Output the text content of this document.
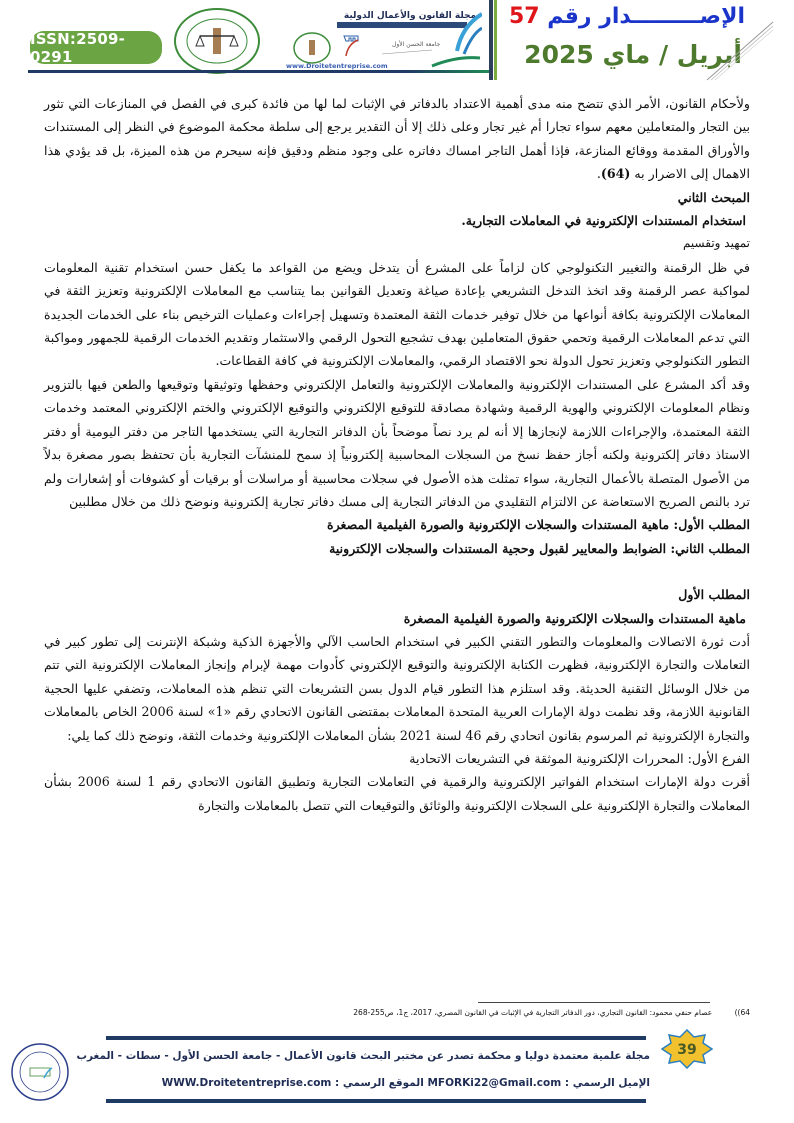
ISSN:2509-0291
مجلة القانون والأعمال الدولية
جامعة الحسن الأول
www.Droitetentreprise.com
الإصـــــــــدار رقم 57
أبريل / ماي 2025

ولأحكام القانون، الأمر الذي تتضح منه مدى أهمية الاعتداد بالدفاتر في الإثبات لما لها من فائدة كبرى في الفصل في المنازعات التي تثور بين التجار والمتعاملين معهم سواء تجارا أم غير تجار وعلى ذلك إلا أن التقدير يرجع إلى سلطة محكمة الموضوع في النظر إلى المستندات والأوراق المقدمة ووقائع المنازعة، فإذا أهمل التاجر امساك دفاتره على وجود منظم ودقيق فإنه سيحرم من هذه الميزة، بل قد يؤدي هذا الاهمال إلى الاضرار به (64).

المبحث الثاني

استخدام المستندات الإلكترونية في المعاملات التجارية.

تمهيد وتقسيم

في ظل الرقمنة والتغيير التكنولوجي كان لزاماً على المشرع أن يتدخل ويضع من القواعد ما يكفل حسن استخدام تقنية المعلومات لمواكبة عصر الرقمنة وقد اتخذ التدخل التشريعي بإعادة صياغة وتعديل القوانين بما يتناسب مع المعاملات الإلكترونية وتعزيز الثقة في المعاملات الإلكترونية بكافة أنواعها من خلال توفير خدمات الثقة المعتمدة وتسهيل إجراءات وعمليات الترخيص بناء على الخدمات الجديدة التي تدعم المعاملات الرقمية وتحمي حقوق المتعاملين بهدف تشجيع التحول الرقمي والاستثمار وتقديم الخدمات الرقمية للجمهور ومواكبة التطور التكنولوجي وتعزيز تحول الدولة نحو الاقتصاد الرقمي، والمعاملات الإلكترونية في كافة القطاعات.

وقد أكد المشرع على المستندات الإلكترونية والمعاملات الإلكترونية والتعامل الإلكتروني وحفظها وتوثيقها وتوقيعها والطعن فيها بالتزوير ونظام المعلومات الإلكتروني والهوية الرقمية وشهادة مصادقة للتوقيع الإلكتروني والتوقيع الإلكتروني والختم الإلكتروني المعتمد وخدمات الثقة المعتمدة، والإجراءات اللازمة لإنجازها إلا أنه لم يرد نصاً موضحاً بأن الدفاتر التجارية التي يستخدمها التاجر من دفتر اليومية أو دفتر الاستاذ دفاتر إلكترونية ولكنه أجاز حفظ نسخ من السجلات المحاسبية إلكترونياً إذ سمح للمنشآت التجارية بأن تحتفظ بصور مصغرة بدلاً من الأصول المتصلة بالأعمال التجارية، سواء تمثلت هذه الأصول في سجلات محاسبية أو مراسلات أو برقيات أو كشوفات أو إشعارات ولم ترد بالنص الصريح الاستعاضة عن الالتزام التقليدي من الدفاتر التجارية إلى مسك دفاتر تجارية إلكترونية ونوضح ذلك من خلال مطلبين

المطلب الأول: ماهية المستندات والسجلات الإلكترونية والصورة الفيلمية المصغرة

المطلب الثاني: الضوابط والمعايير لقبول وحجية المستندات والسجلات الإلكترونية

المطلب الأول

ماهية المستندات والسجلات الإلكترونية والصورة الفيلمية المصغرة

أدت ثورة الاتصالات والمعلومات والتطور التقني الكبير في استخدام الحاسب الآلي والأجهزة الذكية وشبكة الإنترنت إلى تطور كبير في التعاملات والتجارة الإلكترونية، فظهرت الكتابة الإلكترونية والتوقيع الإلكتروني كأدوات مهمة لإبرام وإنجاز المعاملات الإلكترونية التي تتم من خلال الوسائل التقنية الحديثة. وقد استلزم هذا التطور قيام الدول بسن التشريعات التي تنظم هذه المعاملات، وتضفي عليها الحجية القانونية اللازمة، وقد نظمت دولة الإمارات العربية المتحدة المعاملات بمقتضى القانون الاتحادي رقم «1» لسنة 2006 الخاص بالمعاملات والتجارة الإلكترونية ثم المرسوم بقانون اتحادي رقم 46 لسنة 2021 بشأن المعاملات الإلكترونية وخدمات الثقة، ونوضح ذلك كما يلي:

الفرع الأول: المحررات الإلكترونية الموثقة في التشريعات الاتحادية

أقرت دولة الإمارات استخدام الفواتير الإلكترونية والرقمية في التعاملات التجارية وتطبيق القانون الاتحادي رقم 1 لسنة 2006 بشأن المعاملات والتجارة الإلكترونية على السجلات الإلكترونية والوثائق والتوقيعات التي تتصل بالمعاملات والتجارة

64)) عصام حنفي محمود: القانون التجاري، دور الدفاتر التجارية في الإثبات في القانون المصري، 2017، ج1، ص255-268
39
مجلة علمية معتمدة دوليا و محكمة تصدر عن مختبر البحث قانون الأعمال - جامعة الحسن الأول - سطات - المغرب
الإميل الرسمي : MFORKi22@Gmail.com الموقع الرسمي : WWW.Droitetentreprise.com
